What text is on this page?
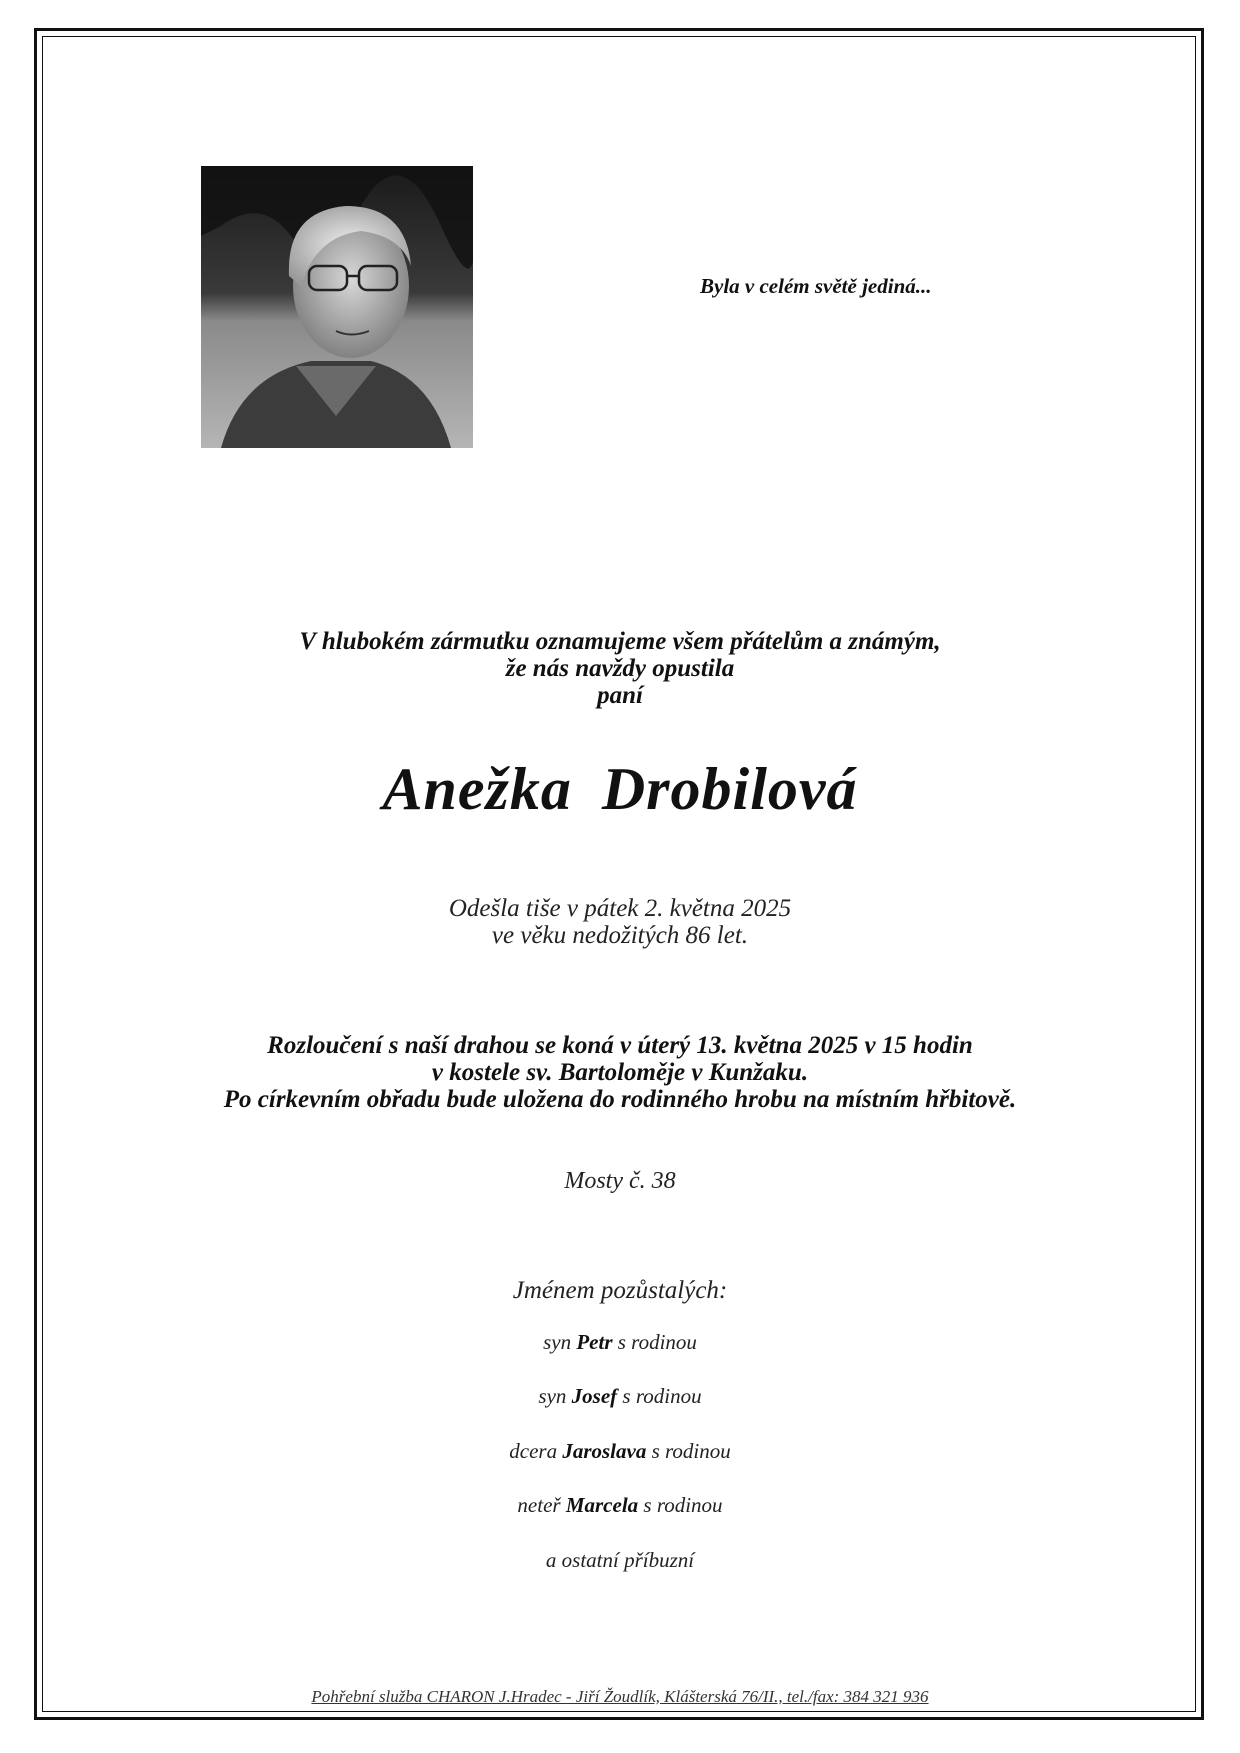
Byla v celém světě jediná...
V hlubokém zármutku oznamujeme všem přátelům a známým,
že nás navždy opustila
paní
Anežka Drobilová
Odešla tiše v pátek 2. května 2025
ve věku nedožitých 86 let.
Rozloučení s naší drahou se koná v úterý 13. května 2025 v 15 hodin
v kostele sv. Bartoloměje v Kunžaku.
Po církevním obřadu bude uložena do rodinného hrobu na místním hřbitově.
Mosty č. 38
Jménem pozůstalých:
syn Petr s rodinou
syn Josef s rodinou
dcera Jaroslava s rodinou
neteř Marcela s rodinou
a ostatní příbuzní
Pohřební služba CHARON J.Hradec - Jiří Žoudlík, Klášterská 76/II., tel./fax: 384 321 936
